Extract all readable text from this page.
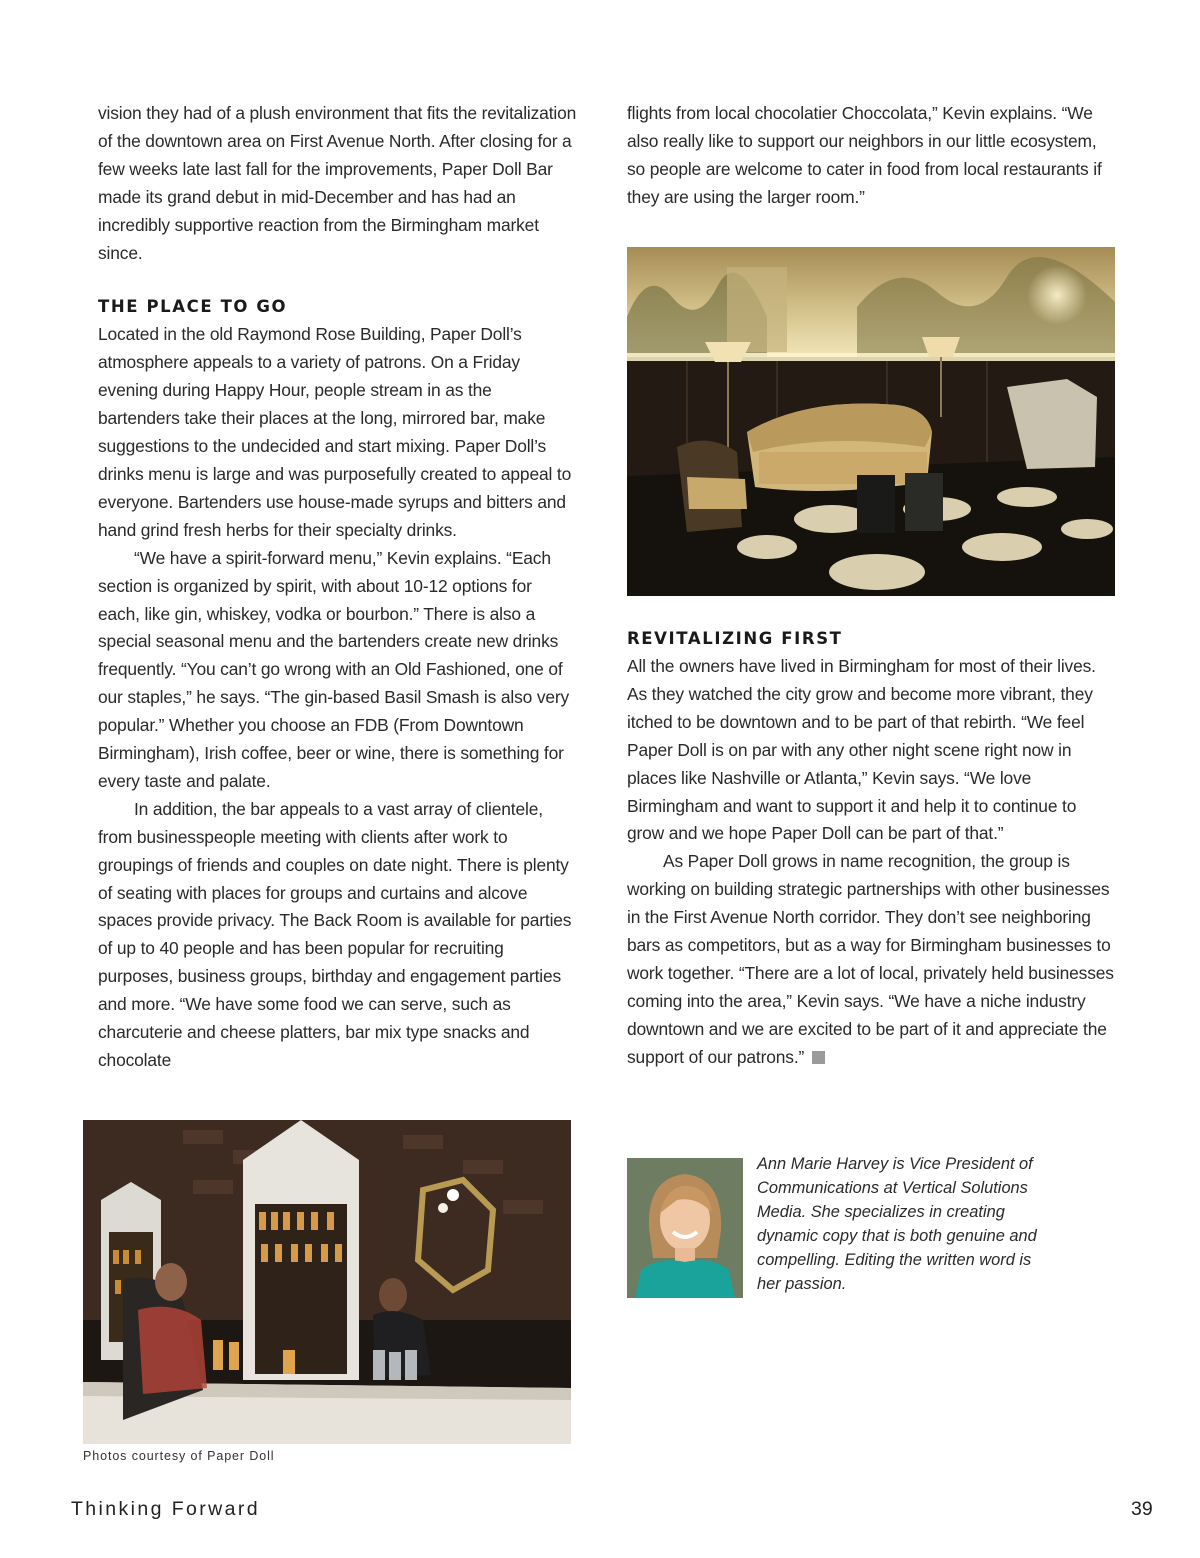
vision they had of a plush environment that fits the revitalization of the downtown area on First Avenue North. After closing for a few weeks late last fall for the improvements, Paper Doll Bar made its grand debut in mid-December and has had an incredibly supportive reaction from the Birmingham market since.

THE PLACE TO GO

Located in the old Raymond Rose Building, Paper Doll’s atmosphere appeals to a variety of patrons. On a Friday evening during Happy Hour, people stream in as the bartenders take their places at the long, mirrored bar, make suggestions to the undecided and start mixing. Paper Doll’s drinks menu is large and was purposefully created to appeal to everyone. Bartenders use house-made syrups and bitters and hand grind fresh herbs for their specialty drinks.

“We have a spirit-forward menu,” Kevin explains. “Each section is organized by spirit, with about 10-12 options for each, like gin, whiskey, vodka or bourbon.” There is also a special seasonal menu and the bartenders create new drinks frequently. “You can’t go wrong with an Old Fashioned, one of our staples,” he says. “The gin-based Basil Smash is also very popular.” Whether you choose an FDB (From Downtown Birmingham), Irish coffee, beer or wine, there is something for every taste and palate.

In addition, the bar appeals to a vast array of clientele, from businesspeople meeting with clients after work to groupings of friends and couples on date night. There is plenty of seating with places for groups and curtains and alcove spaces provide privacy. The Back Room is available for parties of up to 40 people and has been popular for recruiting purposes, business groups, birthday and engagement parties and more. “We have some food we can serve, such as charcuterie and cheese platters, bar mix type snacks and chocolate

flights from local chocolatier Choccolata,” Kevin explains. “We also really like to support our neighbors in our little ecosystem, so people are welcome to cater in food from local restaurants if they are using the larger room.”

REVITALIZING FIRST

All the owners have lived in Birmingham for most of their lives. As they watched the city grow and become more vibrant, they itched to be downtown and to be part of that rebirth. “We feel Paper Doll is on par with any other night scene right now in places like Nashville or Atlanta,” Kevin says. “We love Birmingham and want to support it and help it to continue to grow and we hope Paper Doll can be part of that.”

As Paper Doll grows in name recognition, the group is working on building strategic partnerships with other businesses in the First Avenue North corridor. They don’t see neighboring bars as competitors, but as a way for Birmingham businesses to work together. “There are a lot of local, privately held businesses coming into the area,” Kevin says. “We have a niche industry downtown and we are excited to be part of it and appreciate the support of our patrons.”

Ann Marie Harvey is Vice President of Communications at Vertical Solutions Media. She specializes in creating dynamic copy that is both genuine and compelling. Editing the written word is her passion.
Photos courtesy of Paper Doll
Thinking Forward	39
